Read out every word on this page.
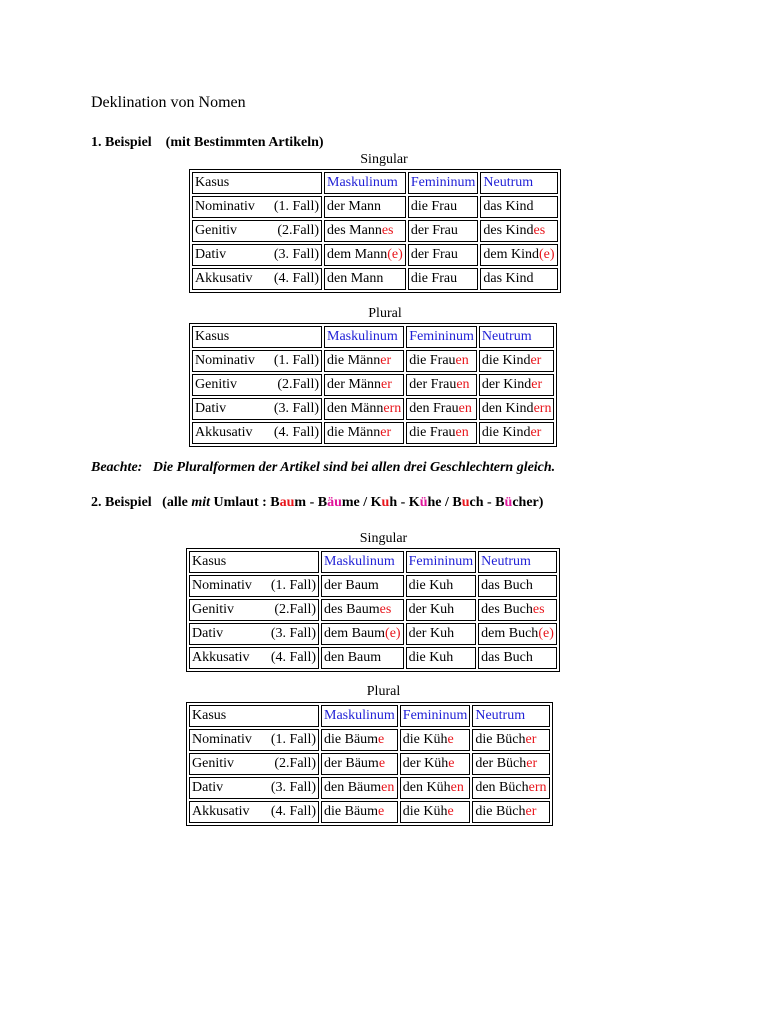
Deklination von Nomen
1. Beispiel (mit Bestimmten Artikeln)
Singular
Kasus	Maskulinum	Femininum	Neutrum
Nominativ (1. Fall)	der Mann	die Frau	das Kind
Genitiv (2.Fall)	des Mannes	der Frau	des Kindes
Dativ (3. Fall)	dem Mann(e)	der Frau	dem Kind(e)
Akkusativ (4. Fall)	den Mann	die Frau	das Kind
Plural
Kasus	Maskulinum	Femininum	Neutrum
Nominativ (1. Fall)	die Männer	die Frauen	die Kinder
Genitiv (2.Fall)	der Männer	der Frauen	der Kinder
Dativ (3. Fall)	den Männern	den Frauen	den Kindern
Akkusativ (4. Fall)	die Männer	die Frauen	die Kinder
Beachte: Die Pluralformen der Artikel sind bei allen drei Geschlechtern gleich.
2. Beispiel (alle mit Umlaut : Baum - Bäume / Kuh - Kühe / Buch - Bücher)
Singular
Kasus	Maskulinum	Femininum	Neutrum
Nominativ (1. Fall)	der Baum	die Kuh	das Buch
Genitiv (2.Fall)	des Baumes	der Kuh	des Buches
Dativ (3. Fall)	dem Baum(e)	der Kuh	dem Buch(e)
Akkusativ (4. Fall)	den Baum	die Kuh	das Buch
Plural
Kasus	Maskulinum	Femininum	Neutrum
Nominativ (1. Fall)	die Bäume	die Kühe	die Bücher
Genitiv (2.Fall)	der Bäume	der Kühe	der Bücher
Dativ (3. Fall)	den Bäumen	den Kühen	den Büchern
Akkusativ (4. Fall)	die Bäume	die Kühe	die Bücher
